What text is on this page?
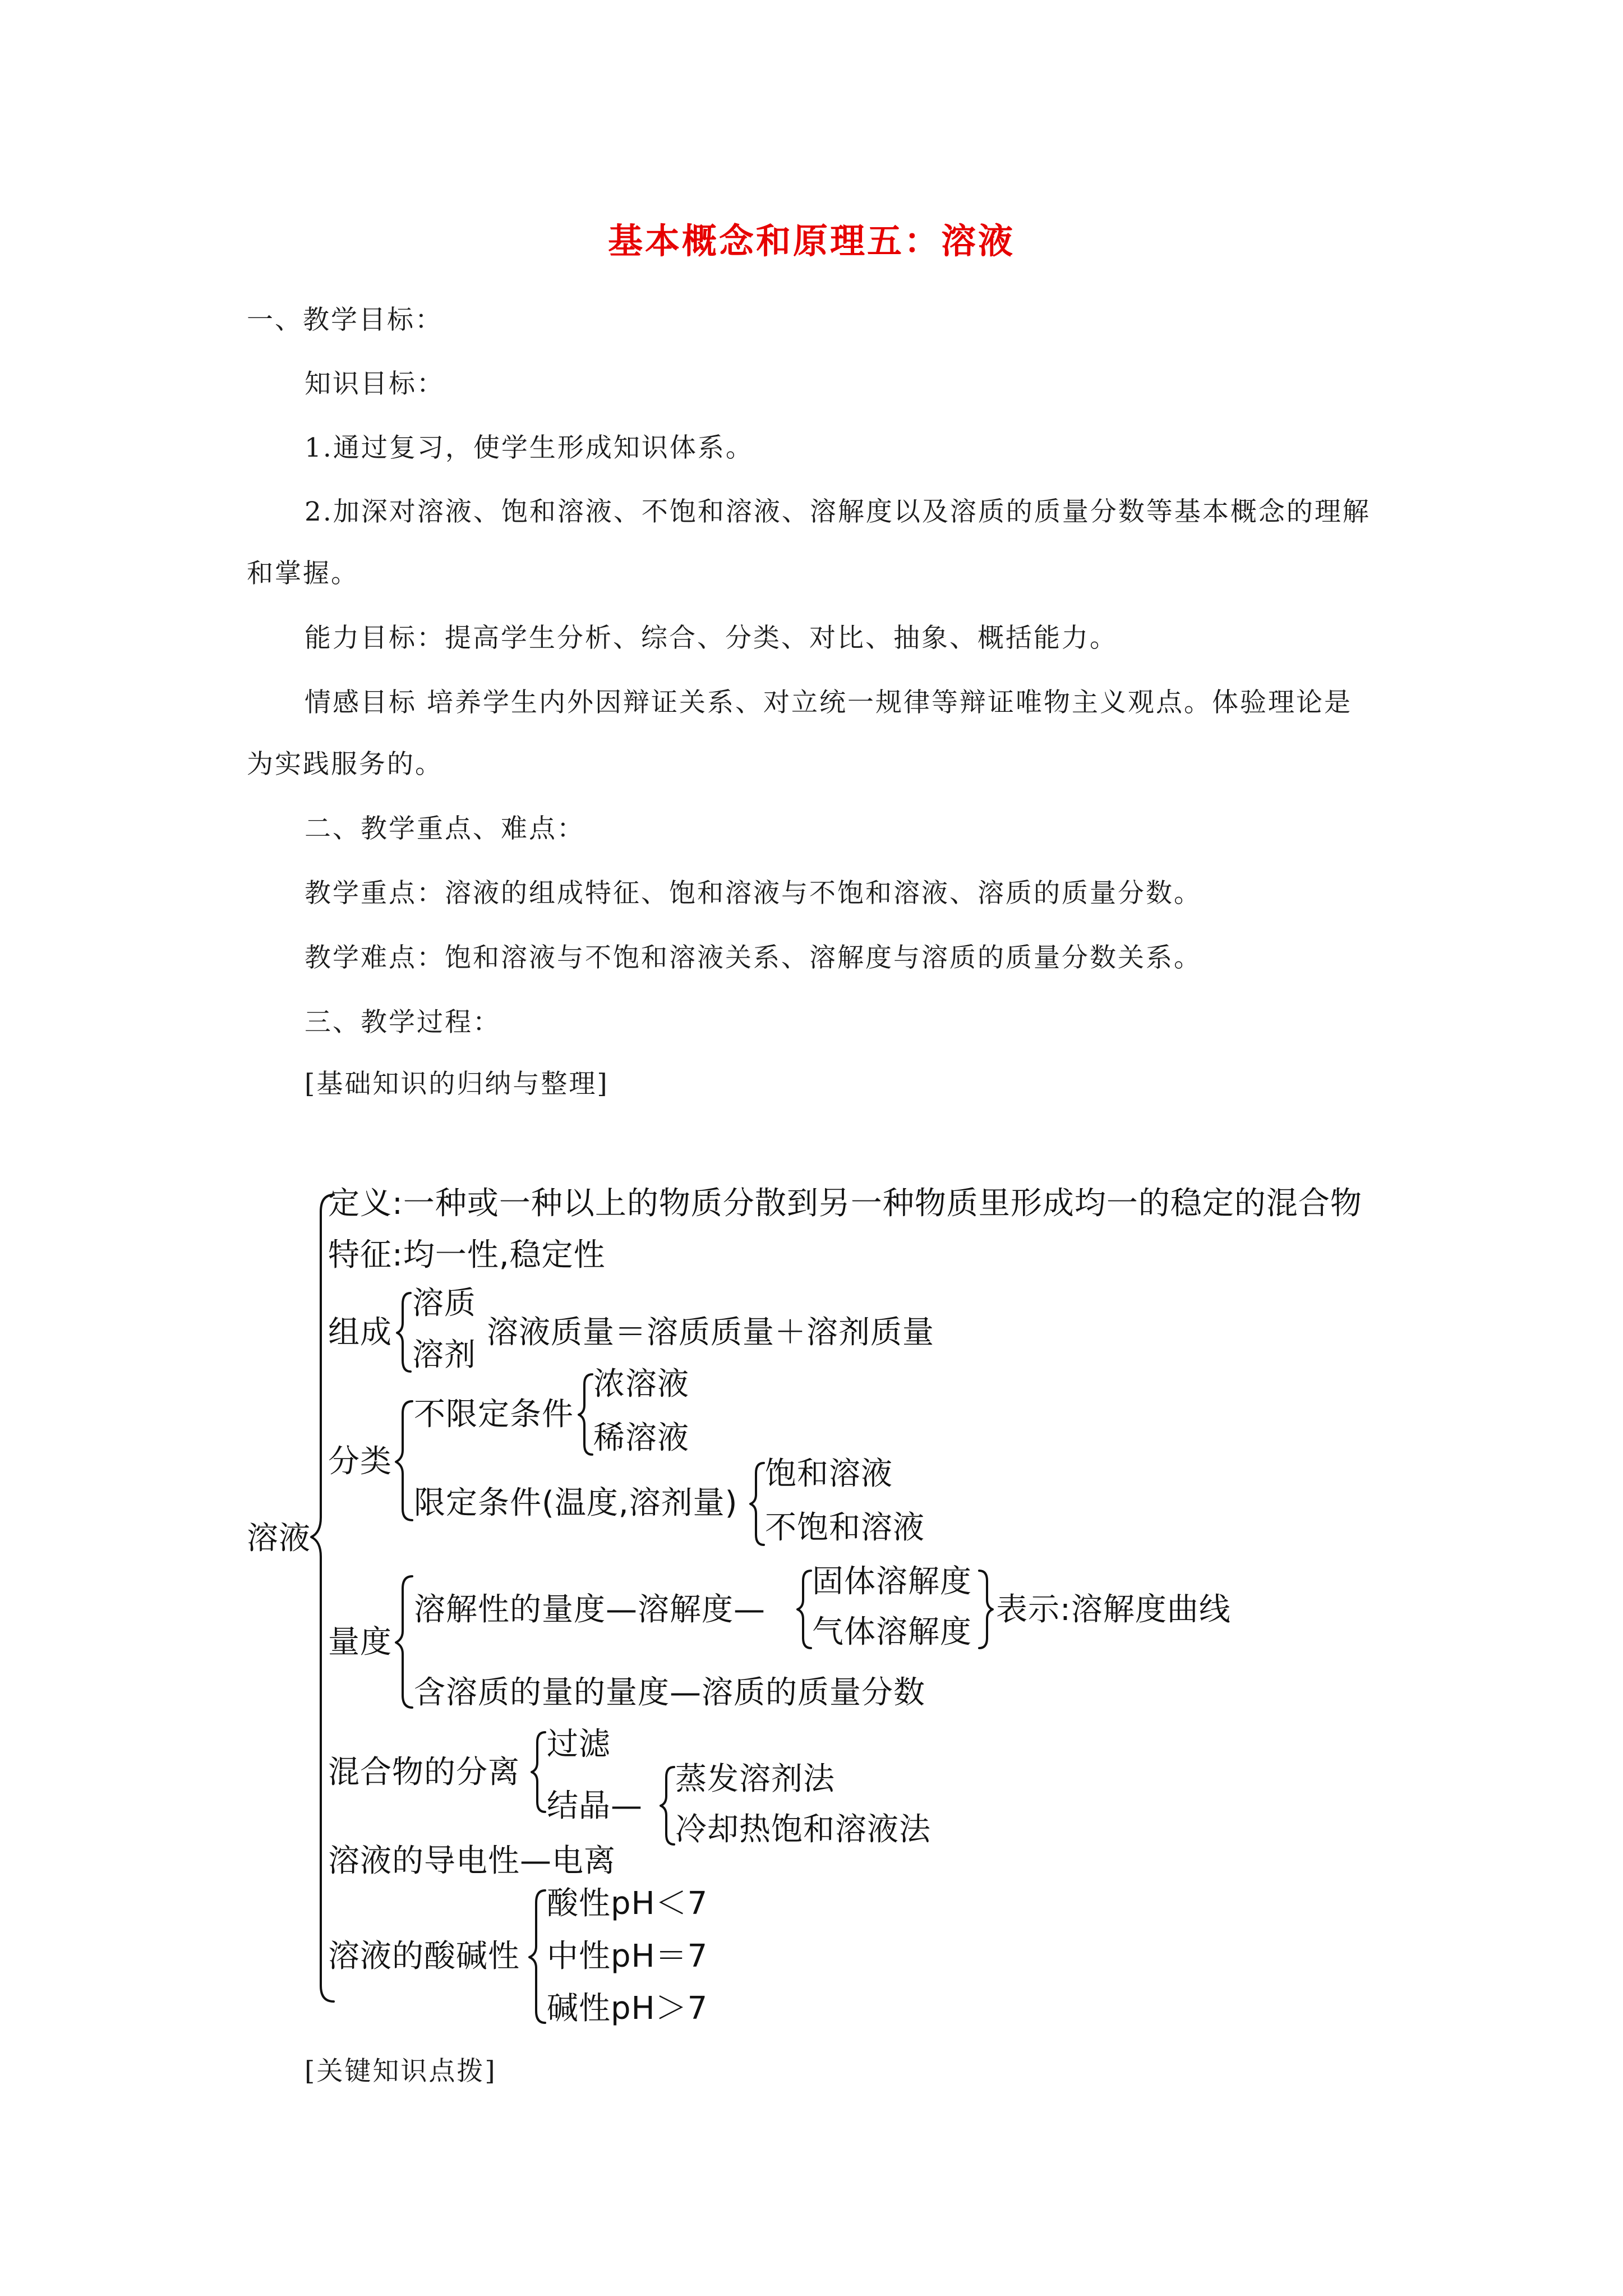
基本概念和原理五：溶液
一、教学目标：
知识目标：
1.通过复习，使学生形成知识体系。
2.加深对溶液、饱和溶液、不饱和溶液、溶解度以及溶质的质量分数等基本概念的理解
和掌握。
能力目标：提高学生分析、综合、分类、对比、抽象、概括能力。
情感目标 培养学生内外因辩证关系、对立统一规律等辩证唯物主义观点。体验理论是
为实践服务的。
二、教学重点、难点：
教学重点：溶液的组成特征、饱和溶液与不饱和溶液、溶质的质量分数。
教学难点：饱和溶液与不饱和溶液关系、溶解度与溶质的质量分数关系。
三、教学过程：
[基础知识的归纳与整理]
溶液
定义:一种或一种以上的物质分散到另一种物质里形成均一的稳定的混合物
特征:均一性,稳定性
组成
溶质
溶剂
溶液质量＝溶质质量＋溶剂质量
分类
不限定条件
浓溶液
稀溶液
限定条件(温度,溶剂量)
饱和溶液
不饱和溶液
量度
溶解性的量度—溶解度—
固体溶解度
气体溶解度
表示:溶解度曲线
含溶质的量的量度—溶质的质量分数
混合物的分离
过滤
结晶—
蒸发溶剂法
冷却热饱和溶液法
溶液的导电性—电离
溶液的酸碱性
酸性pH＜7
中性pH＝7
碱性pH＞7
[关键知识点拨]
